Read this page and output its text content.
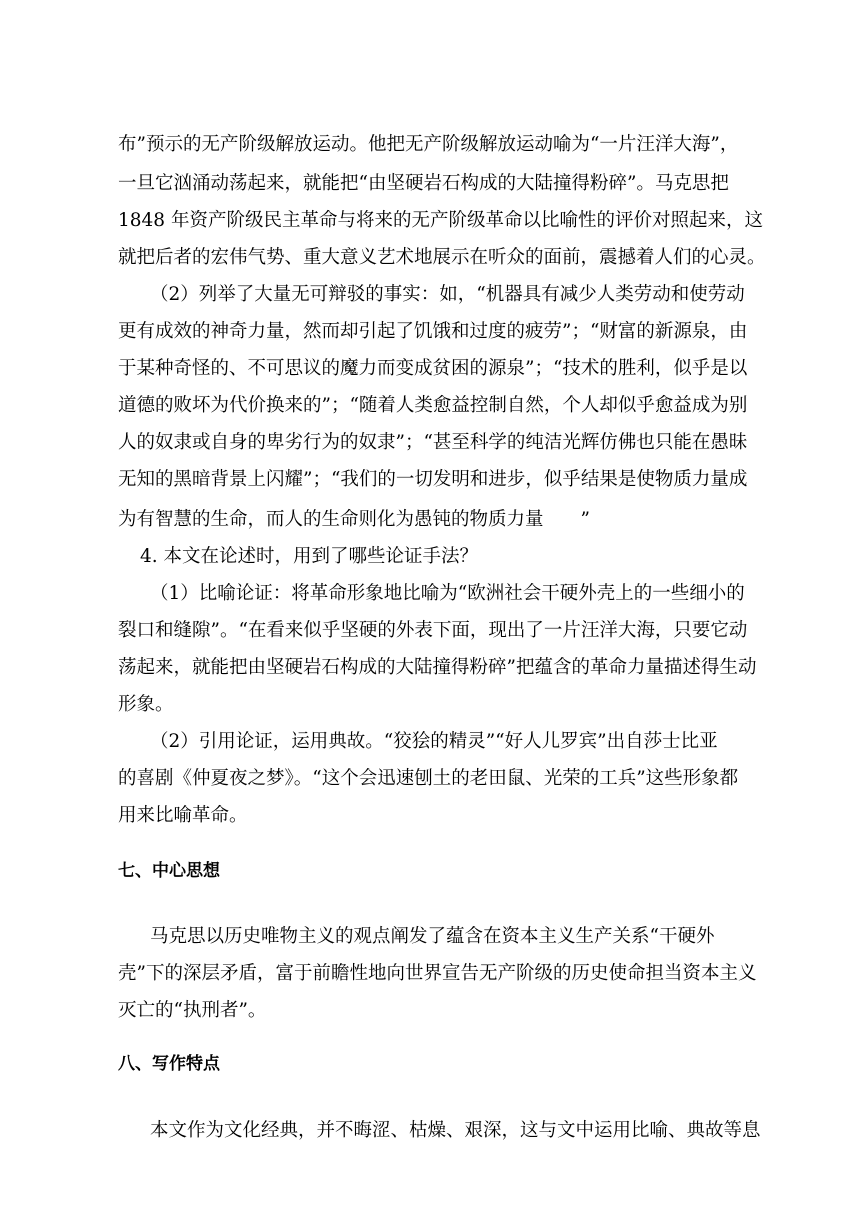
布”预示的无产阶级解放运动。他把无产阶级解放运动喻为“一片汪洋大海”，

一旦它汹涌动荡起来，就能把“由坚硬岩石构成的大陆撞得粉碎”。马克思把

1848 年资产阶级民主革命与将来的无产阶级革命以比喻性的评价对照起来，这

就把后者的宏伟气势、重大意义艺术地展示在听众的面前，震撼着人们的心灵。

（2）列举了大量无可辩驳的事实：如，“机器具有减少人类劳动和使劳动

更有成效的神奇力量，然而却引起了饥饿和过度的疲劳”；“财富的新源泉，由

于某种奇怪的、不可思议的魔力而变成贫困的源泉”；“技术的胜利，似乎是以

道德的败坏为代价换来的”；“随着人类愈益控制自然，个人却似乎愈益成为别

人的奴隶或自身的卑劣行为的奴隶”；“甚至科学的纯洁光辉仿佛也只能在愚昧

无知的黑暗背景上闪耀”；“我们的一切发明和进步，似乎结果是使物质力量成

为有智慧的生命，而人的生命则化为愚钝的物质力量　　”

4. 本文在论述时，用到了哪些论证手法？

（1）比喻论证：将革命形象地比喻为“欧洲社会干硬外壳上的一些细小的

裂口和缝隙”。“在看来似乎坚硬的外表下面，现出了一片汪洋大海，只要它动

荡起来，就能把由坚硬岩石构成的大陆撞得粉碎”把蕴含的革命力量描述得生动

形象。

（2）引用论证，运用典故。“狡狯的精灵”“好人儿罗宾”出自莎士比亚

的喜剧《仲夏夜之梦》。“这个会迅速刨土的老田鼠、光荣的工兵”这些形象都

用来比喻革命。

七、中心思想

马克思以历史唯物主义的观点阐发了蕴含在资本主义生产关系“干硬外

壳”下的深层矛盾，富于前瞻性地向世界宣告无产阶级的历史使命担当资本主义

灭亡的“执刑者”。

八、写作特点

本文作为文化经典，并不晦涩、枯燥、艰深，这与文中运用比喻、典故等息
